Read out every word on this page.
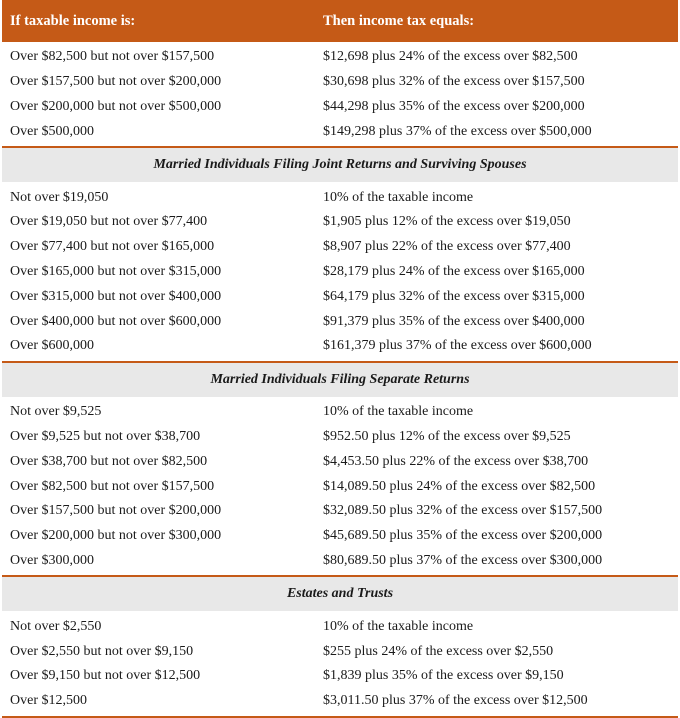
If taxable income is:	Then income tax equals:
Over $82,500 but not over $157,500	$12,698 plus 24% of the excess over $82,500
Over $157,500 but not over $200,000	$30,698 plus 32% of the excess over $157,500
Over $200,000 but not over $500,000	$44,298 plus 35% of the excess over $200,000
Over $500,000	$149,298 plus 37% of the excess over $500,000
Married Individuals Filing Joint Returns and Surviving Spouses
Not over $19,050	10% of the taxable income
Over $19,050 but not over $77,400	$1,905 plus 12% of the excess over $19,050
Over $77,400 but not over $165,000	$8,907 plus 22% of the excess over $77,400
Over $165,000 but not over $315,000	$28,179 plus 24% of the excess over $165,000
Over $315,000 but not over $400,000	$64,179 plus 32% of the excess over $315,000
Over $400,000 but not over $600,000	$91,379 plus 35% of the excess over $400,000
Over $600,000	$161,379 plus 37% of the excess over $600,000
Married Individuals Filing Separate Returns
Not over $9,525	10% of the taxable income
Over $9,525 but not over $38,700	$952.50 plus 12% of the excess over $9,525
Over $38,700 but not over $82,500	$4,453.50 plus 22% of the excess over $38,700
Over $82,500 but not over $157,500	$14,089.50 plus 24% of the excess over $82,500
Over $157,500 but not over $200,000	$32,089.50 plus 32% of the excess over $157,500
Over $200,000 but not over $300,000	$45,689.50 plus 35% of the excess over $200,000
Over $300,000	$80,689.50 plus 37% of the excess over $300,000
Estates and Trusts
Not over $2,550	10% of the taxable income
Over $2,550 but not over $9,150	$255 plus 24% of the excess over $2,550
Over $9,150 but not over $12,500	$1,839 plus 35% of the excess over $9,150
Over $12,500	$3,011.50 plus 37% of the excess over $12,500
